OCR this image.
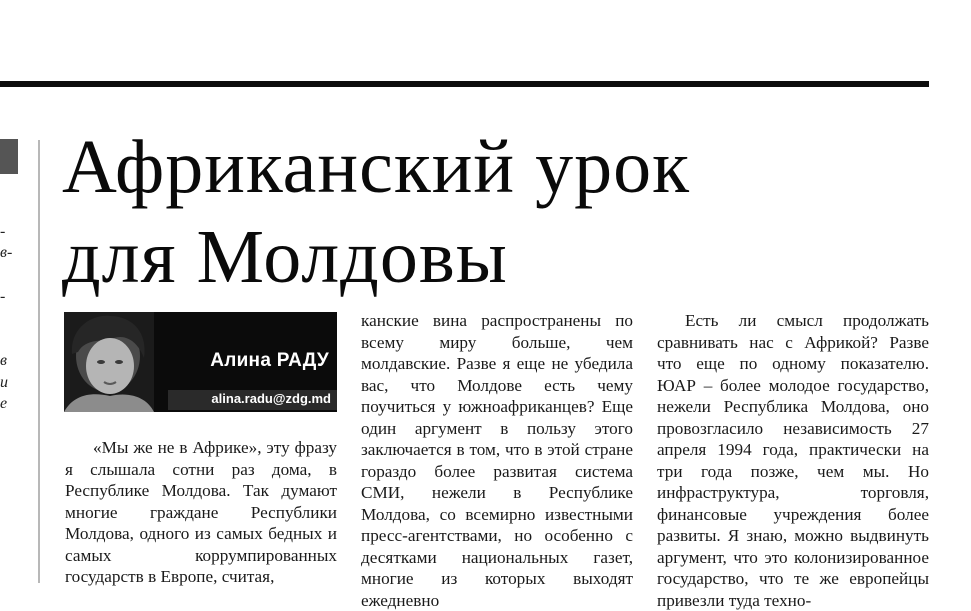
-
в-
-
в
и
е
Африканский урок
для Молдовы
Алина РАДУ
alina.radu@zdg.md

«Мы же не в Африке», эту фразу я слышала сотни раз дома, в Республике Молдова. Так думают многие граждане Республики Молдова, одного из самых бедных и самых коррумпированных государств в Европе, считая,

канские вина распространены по всему миру больше, чем молдавские. Разве я еще не убедила вас, что Молдове есть чему поучиться у южноафриканцев? Еще один аргумент в пользу этого заключается в том, что в этой стране гораздо более развитая система СМИ, нежели в Республике Молдова, со всемирно известными пресс-агентствами, но особенно с десятками национальных газет, многие из которых выходят ежедневно

Есть ли смысл продолжать сравнивать нас с Африкой? Разве что еще по одному показателю. ЮАР – более молодое государство, нежели Республика Молдова, оно провозгласило независимость 27 апреля 1994 года, практически на три года позже, чем мы. Но инфраструктура, торговля, финансовые учреждения более развиты. Я знаю, можно выдвинуть аргумент, что это колонизированное государство, что те же европейцы привезли туда техно-
